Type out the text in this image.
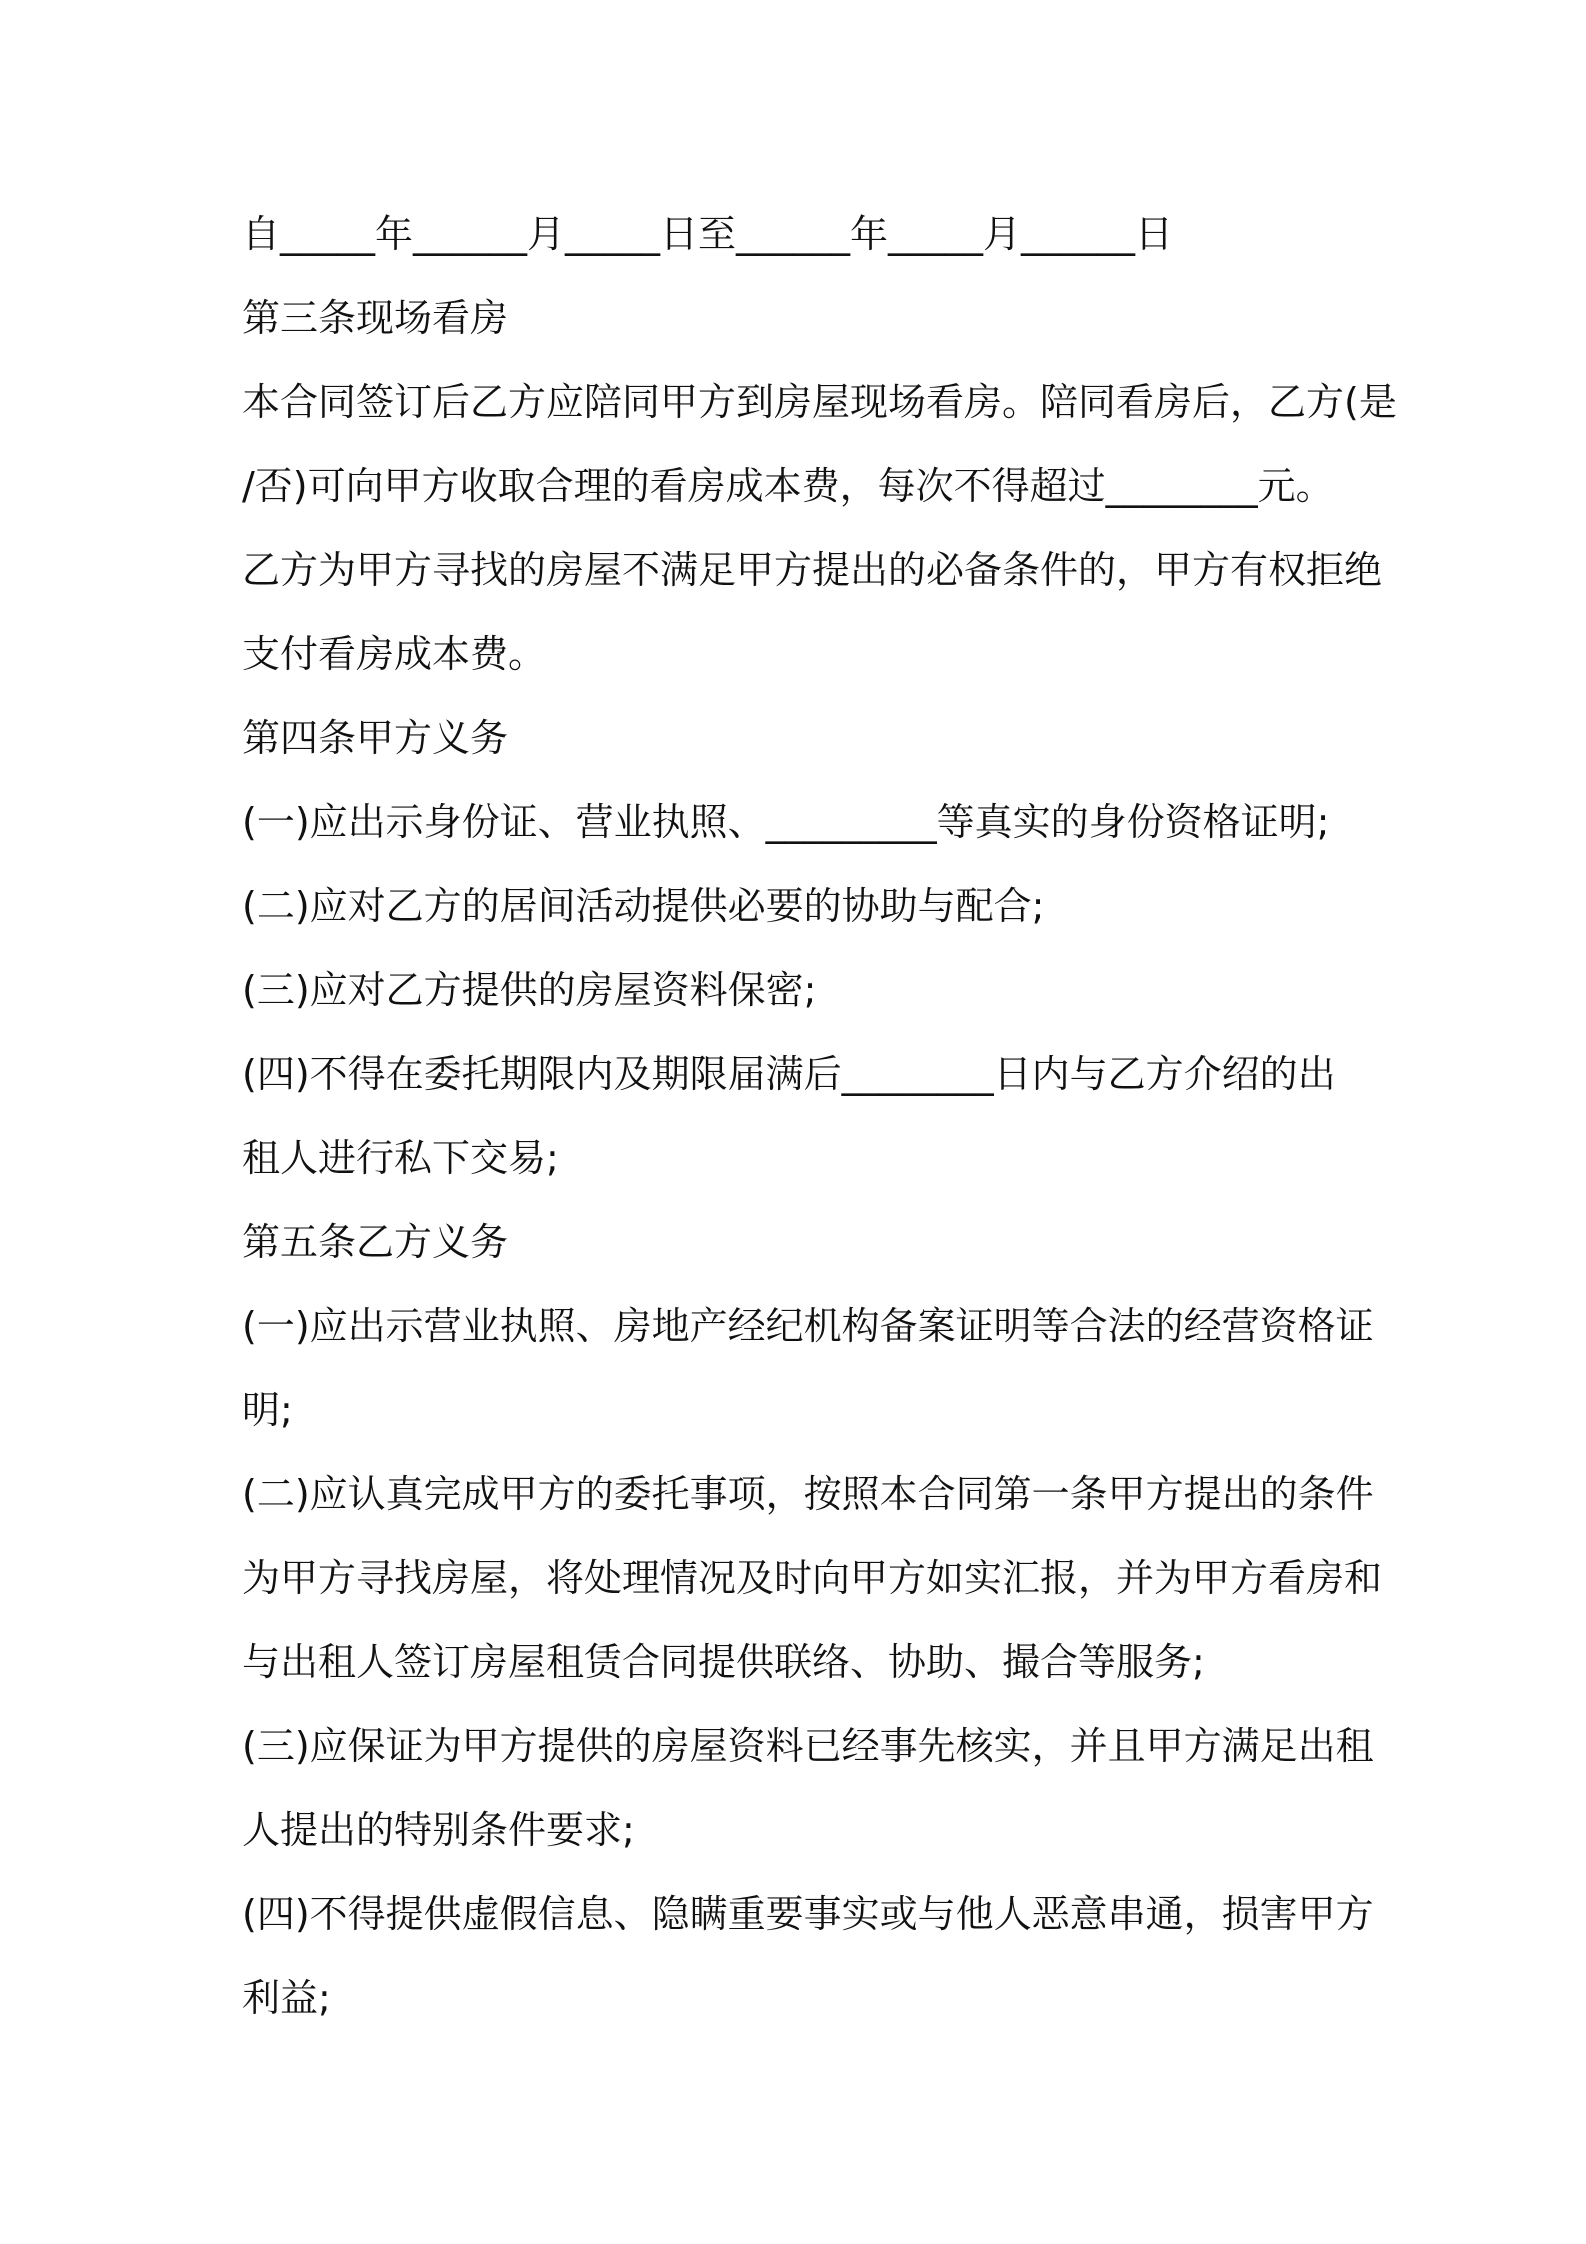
自_____年______月_____日至______年_____月______日
第三条现场看房
本合同签订后乙方应陪同甲方到房屋现场看房。陪同看房后，乙方(是
/否)可向甲方收取合理的看房成本费，每次不得超过________元。
乙方为甲方寻找的房屋不满足甲方提出的必备条件的，甲方有权拒绝
支付看房成本费。
第四条甲方义务
(一)应出示身份证、营业执照、_________等真实的身份资格证明;
(二)应对乙方的居间活动提供必要的协助与配合;
(三)应对乙方提供的房屋资料保密;
(四)不得在委托期限内及期限届满后________日内与乙方介绍的出
租人进行私下交易;
第五条乙方义务
(一)应出示营业执照、房地产经纪机构备案证明等合法的经营资格证
明;
(二)应认真完成甲方的委托事项，按照本合同第一条甲方提出的条件
为甲方寻找房屋，将处理情况及时向甲方如实汇报，并为甲方看房和
与出租人签订房屋租赁合同提供联络、协助、撮合等服务;
(三)应保证为甲方提供的房屋资料已经事先核实，并且甲方满足出租
人提出的特别条件要求;
(四)不得提供虚假信息、隐瞒重要事实或与他人恶意串通，损害甲方
利益;
